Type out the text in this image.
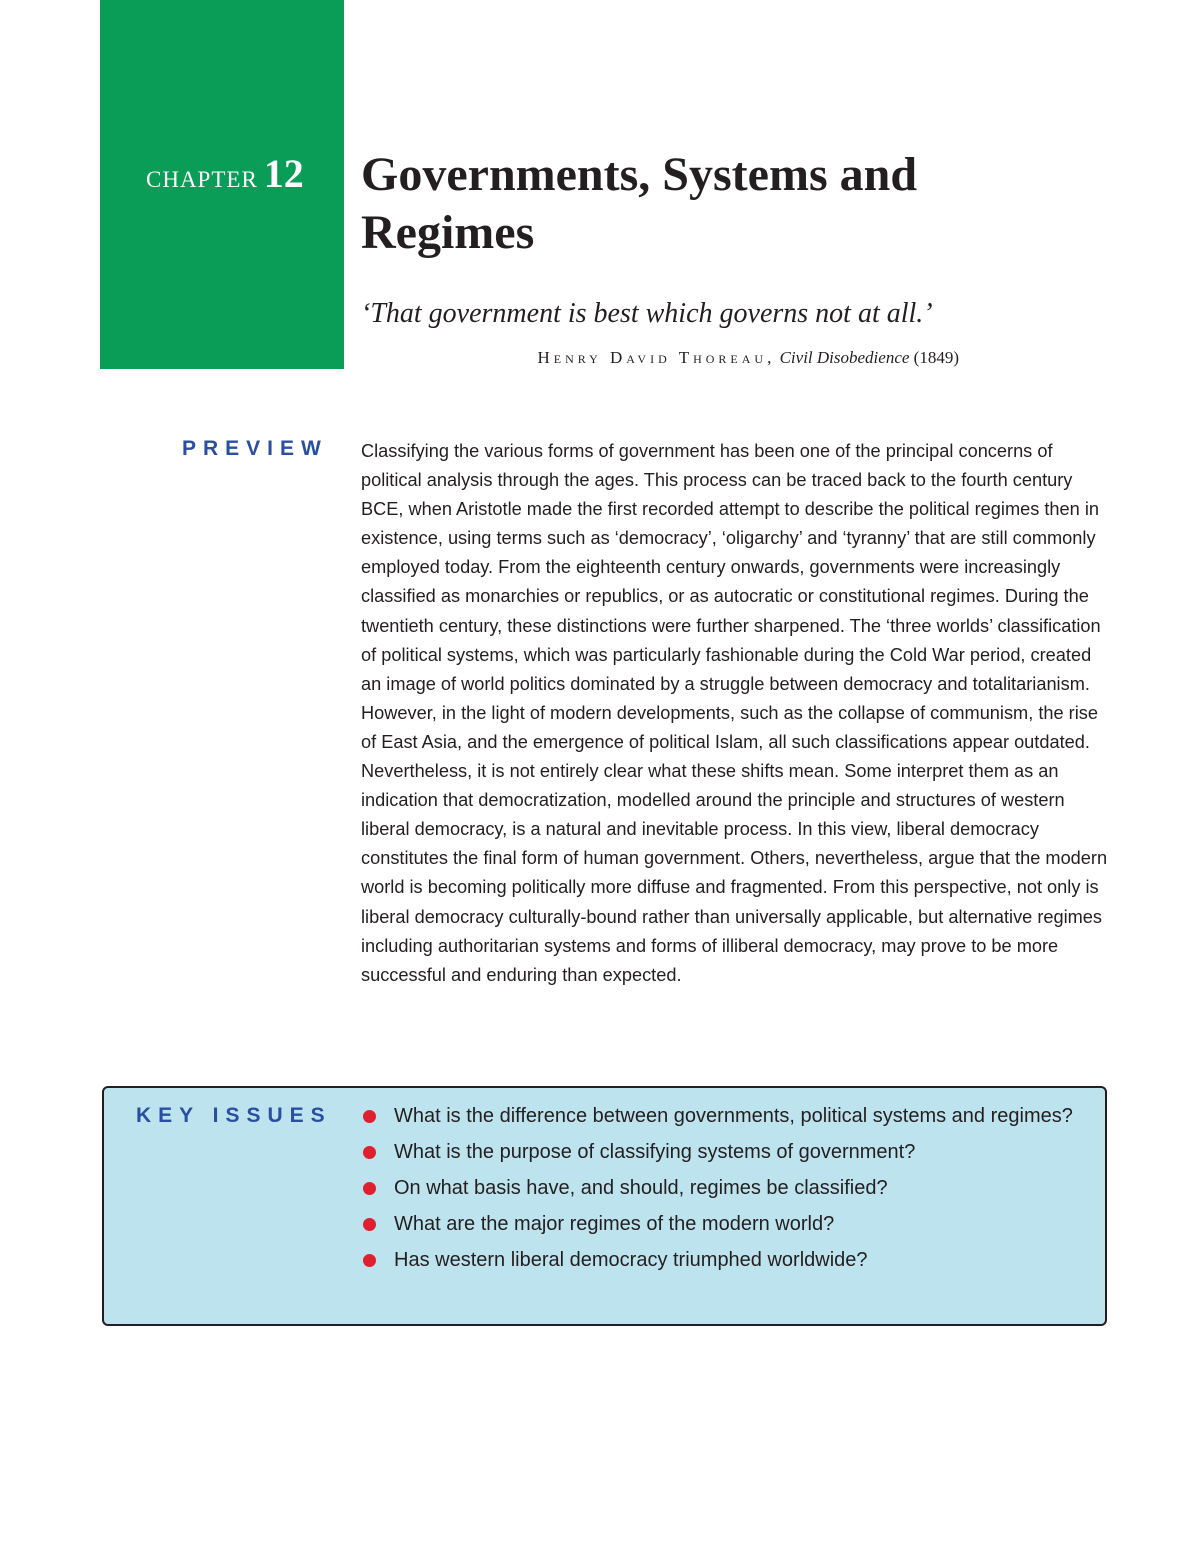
CHAPTER 12 Governments, Systems and Regimes

‘That government is best which governs not at all.’

Henry David Thoreau, Civil Disobedience (1849)
PREVIEW Classifying the various forms of government has been one of the principal concerns of political analysis through the ages. This process can be traced back to the fourth century BCE, when Aristotle made the first recorded attempt to describe the political regimes then in existence, using terms such as ‘democracy’, ‘oligarchy’ and ‘tyranny’ that are still commonly employed today. From the eighteenth century onwards, governments were increasingly classified as monarchies or republics, or as autocratic or constitutional regimes. During the twentieth century, these distinctions were further sharpened. The ‘three worlds’ classification of political systems, which was particularly fashionable during the Cold War period, created an image of world politics dominated by a struggle between democracy and totalitarianism. However, in the light of modern developments, such as the collapse of communism, the rise of East Asia, and the emergence of political Islam, all such classifications appear outdated. Nevertheless, it is not entirely clear what these shifts mean. Some interpret them as an indication that democratization, modelled around the principle and structures of western liberal democracy, is a natural and inevitable process. In this view, liberal democracy constitutes the final form of human government. Others, nevertheless, argue that the modern world is becoming politically more diffuse and fragmented. From this perspective, not only is liberal democracy culturally-bound rather than universally applicable, but alternative regimes including authoritarian systems and forms of illiberal democracy, may prove to be more successful and enduring than expected.

KEY ISSUES	What is the difference between governments, political systems and regimes?
What is the purpose of classifying systems of government?
On what basis have, and should, regimes be classified?
What are the major regimes of the modern world?
Has western liberal democracy triumphed worldwide?
